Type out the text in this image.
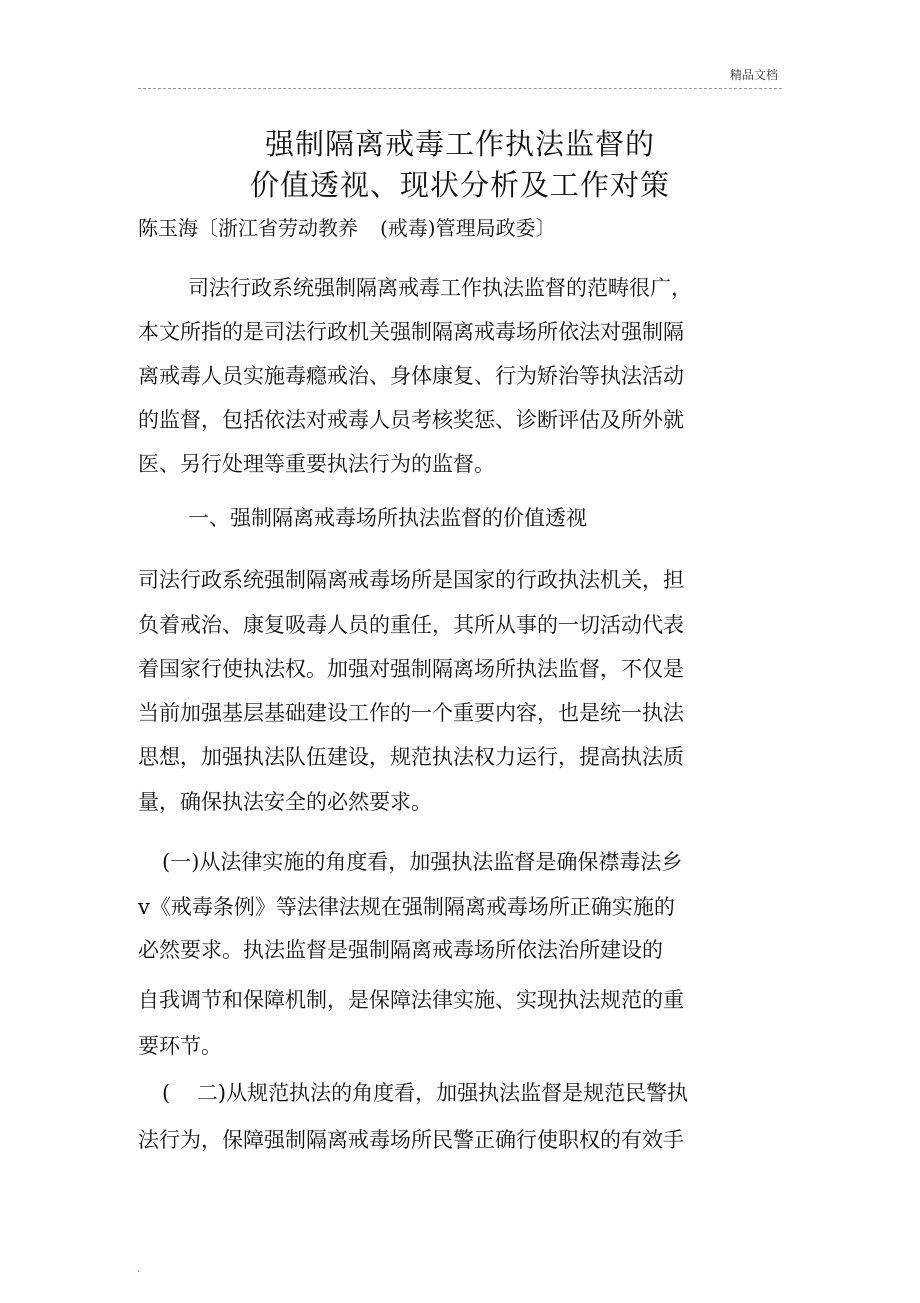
精品文档
强制隔离戒毒工作执法监督的
价值透视、现状分析及工作对策
陈玉海〔浙江省劳动教养 (戒毒)管理局政委〕
司法行政系统强制隔离戒毒工作执法监督的范畴很广，
本文所指的是司法行政机关强制隔离戒毒场所依法对强制隔
离戒毒人员实施毒瘾戒治、身体康复、行为矫治等执法活动
的监督，包括依法对戒毒人员考核奖惩、诊断评估及所外就
医、另行处理等重要执法行为的监督。
一、强制隔离戒毒场所执法监督的价值透视
司法行政系统强制隔离戒毒场所是国家的行政执法机关，担
负着戒治、康复吸毒人员的重任，其所从事的一切活动代表
着国家行使执法权。加强对强制隔离场所执法监督，不仅是
当前加强基层基础建设工作的一个重要内容，也是统一执法
思想，加强执法队伍建设，规范执法权力运行，提高执法质
量，确保执法安全的必然要求。
(一)从法律实施的角度看，加强执法监督是确保襟毒法乡
v《戒毒条例》等法律法规在强制隔离戒毒场所正确实施的
必然要求。执法监督是强制隔离戒毒场所依法治所建设的
自我调节和保障机制，是保障法律实施、实现执法规范的重
要环节。
(    二)从规范执法的角度看，加强执法监督是规范民警执
法行为，保障强制隔离戒毒场所民警正确行使职权的有效手
.
